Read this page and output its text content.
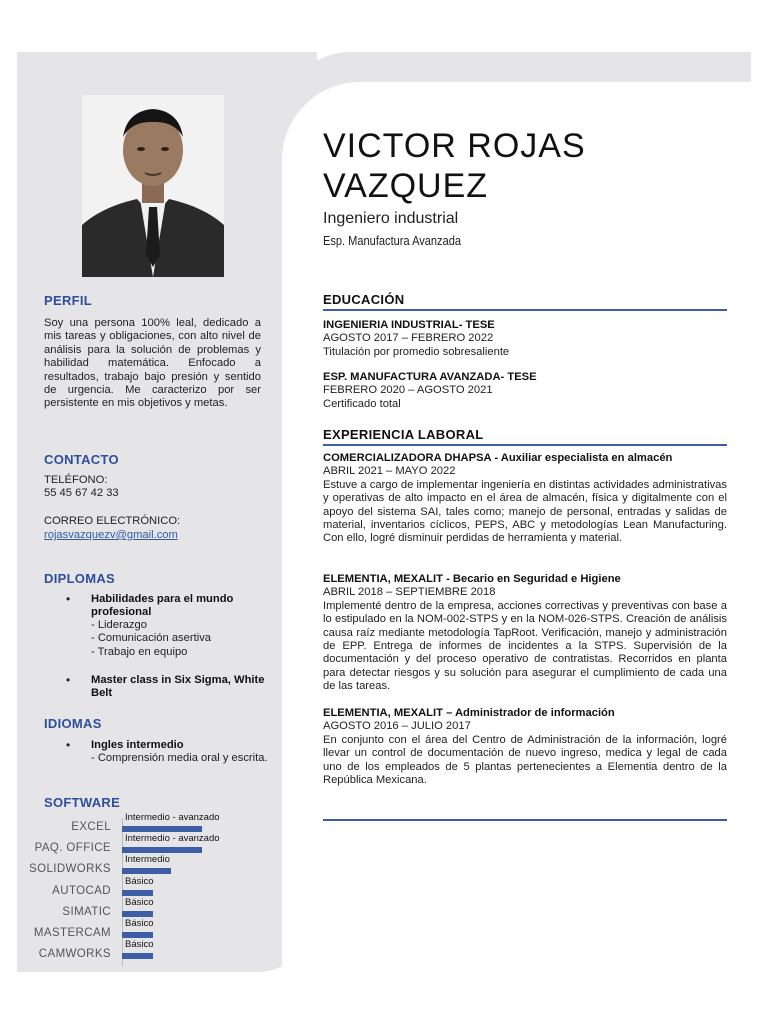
PERFIL
Soy una persona 100% leal, dedicado a mis tareas y obligaciones, con alto nivel de análisis para la solución de problemas y habilidad matemática. Enfocado a resultados, trabajo bajo presión y sentido de urgencia. Me caracterizo por ser persistente en mis objetivos y metas.
CONTACTO
TELÉFONO:
55 45 67 42 33
CORREO ELECTRÓNICO:
rojasvazquezv@gmail.com
DIPLOMAS
• Habilidades para el mundo profesional
- Liderazgo
- Comunicación asertiva
- Trabajo en equipo
• Master class in Six Sigma, White Belt
IDIOMAS
• Ingles intermedio
- Comprensión media oral y escrita.
SOFTWARE
EXCEL
Intermedio - avanzado
PAQ. OFFICE
Intermedio - avanzado
SOLIDWORKS
Intermedio
AUTOCAD
Básico
SIMATIC
Básico
MASTERCAM
Básico
CAMWORKS
Básico
VICTOR ROJAS
VAZQUEZ
Ingeniero industrial
Esp. Manufactura Avanzada
EDUCACIÓN
INGENIERIA INDUSTRIAL- TESE
AGOSTO 2017 – FEBRERO 2022
Titulación por promedio sobresaliente
ESP. MANUFACTURA AVANZADA- TESE
FEBRERO 2020 – AGOSTO 2021
Certificado total
EXPERIENCIA LABORAL
COMERCIALIZADORA DHAPSA - Auxiliar especialista en almacén
ABRIL 2021 – MAYO 2022
Estuve a cargo de implementar ingeniería en distintas actividades administrativas y operativas de alto impacto en el área de almacén, física y digitalmente con el apoyo del sistema SAI, tales como; manejo de personal, entradas y salidas de material, inventarios cíclicos, PEPS, ABC y metodologías Lean Manufacturing. Con ello, logré disminuir perdidas de herramienta y material.
ELEMENTIA, MEXALIT - Becario en Seguridad e Higiene
ABRIL 2018 – SEPTIEMBRE 2018
Implementé dentro de la empresa, acciones correctivas y preventivas con base a lo estipulado en la NOM-002-STPS y en la NOM-026-STPS. Creación de análisis causa raíz mediante metodología TapRoot. Verificación, manejo y administración de EPP. Entrega de informes de incidentes a la STPS. Supervisión de la documentación y del proceso operativo de contratistas. Recorridos en planta para detectar riesgos y su solución para asegurar el cumplimiento de cada una de las tareas.
ELEMENTIA, MEXALIT – Administrador de información
AGOSTO 2016 – JULIO 2017
En conjunto con el área del Centro de Administración de la información, logré llevar un control de documentación de nuevo ingreso, medica y legal de cada uno de los empleados de 5 plantas pertenecientes a Elementia dentro de la República Mexicana.
